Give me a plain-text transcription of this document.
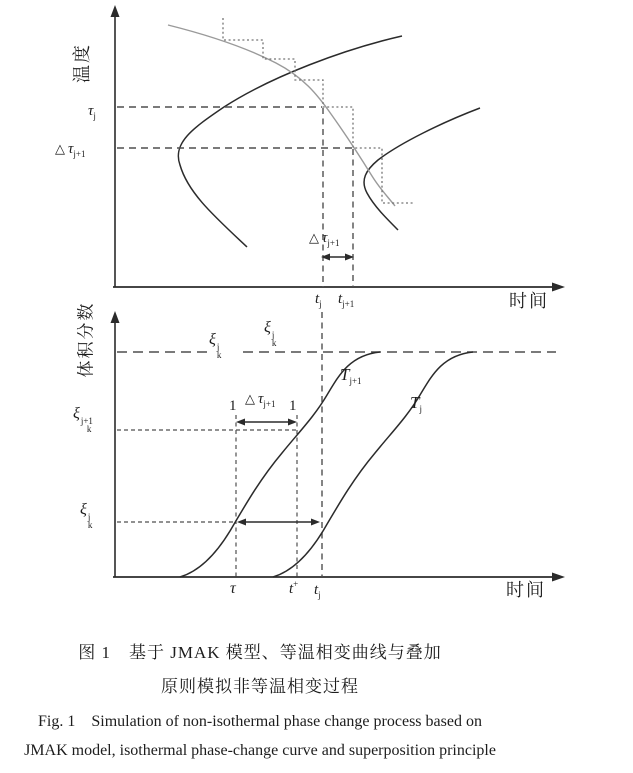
温度
体积分数
$\tau_j$
△ $\tau_{j+1}$
△ $\tau_{j+1}$
$t_j$ $t_{j+1}$	时间
ξ j
k
ξ j
k
ξ j+1
k
1	1
△ $\tau_{j+1}$
$T_{j+1}$
$T_j$
ξ j
k
τ	t+ $t_j$	时间
图 1　基于 JMAK 模型、等温相变曲线与叠加
原则模拟非等温相变过程
Fig. 1　Simulation of non-isothermal phase change process based on
JMAK model, isothermal phase-change curve and superposition principle
